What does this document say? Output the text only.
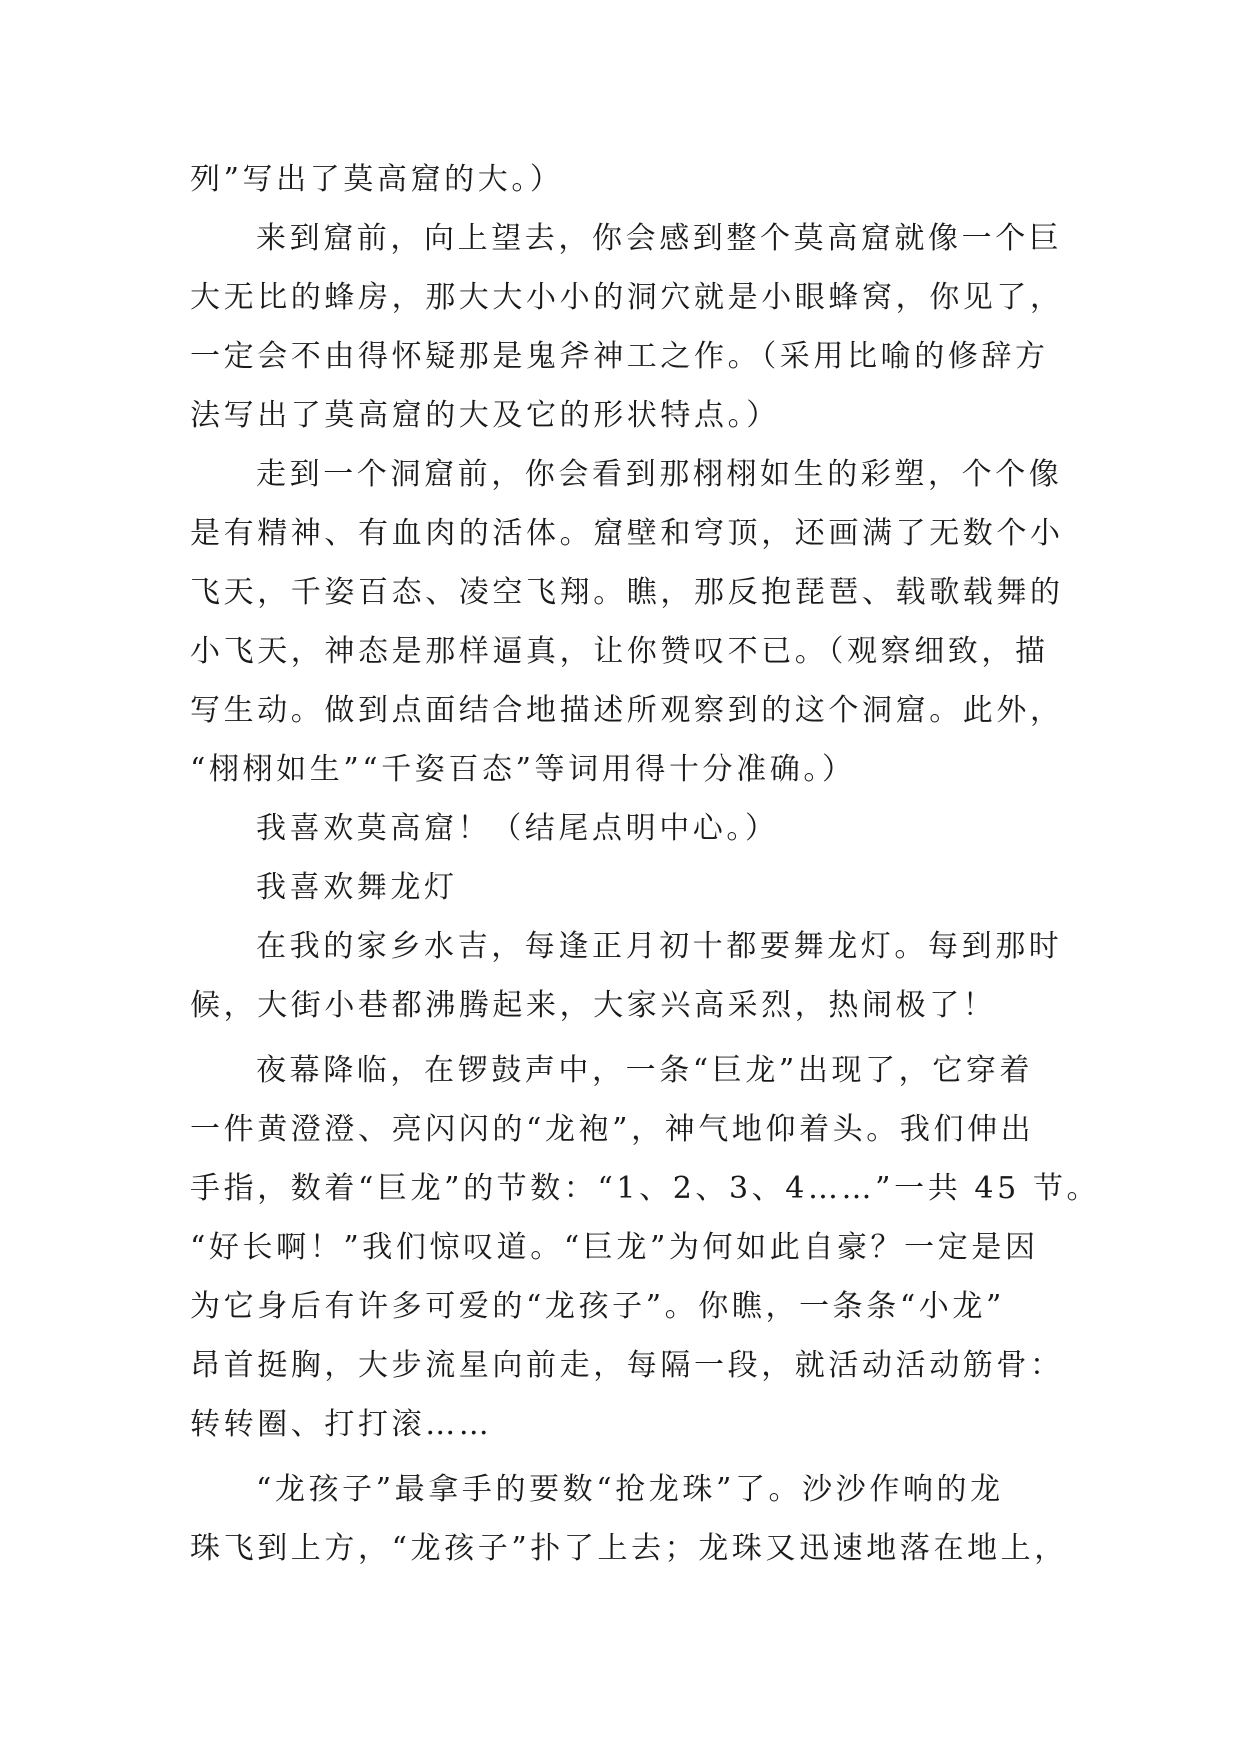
列”写出了莫高窟的大。）
来到窟前，向上望去，你会感到整个莫高窟就像一个巨
大无比的蜂房，那大大小小的洞穴就是小眼蜂窝，你见了，
一定会不由得怀疑那是鬼斧神工之作。（采用比喻的修辞方
法写出了莫高窟的大及它的形状特点。）
走到一个洞窟前，你会看到那栩栩如生的彩塑，个个像
是有精神、有血肉的活体。窟壁和穹顶，还画满了无数个小
飞天，千姿百态、凌空飞翔。瞧，那反抱琵琶、载歌载舞的
小飞天，神态是那样逼真，让你赞叹不已。（观察细致，描
写生动。做到点面结合地描述所观察到的这个洞窟。此外，
“栩栩如生”“千姿百态”等词用得十分准确。）
我喜欢莫高窟！（结尾点明中心。）
我喜欢舞龙灯
在我的家乡水吉，每逢正月初十都要舞龙灯。每到那时
候，大街小巷都沸腾起来，大家兴高采烈，热闹极了！
夜幕降临，在锣鼓声中，一条“巨龙”出现了，它穿着
一件黄澄澄、亮闪闪的“龙袍”，神气地仰着头。我们伸出
手指，数着“巨龙”的节数：“1、2、3、4……”一共 45 节。
“好长啊！”我们惊叹道。“巨龙”为何如此自豪？一定是因
为它身后有许多可爱的“龙孩子”。你瞧，一条条“小龙”
昂首挺胸，大步流星向前走，每隔一段，就活动活动筋骨：
转转圈、打打滚……
“龙孩子”最拿手的要数“抢龙珠”了。沙沙作响的龙
珠飞到上方，“龙孩子”扑了上去；龙珠又迅速地落在地上，
